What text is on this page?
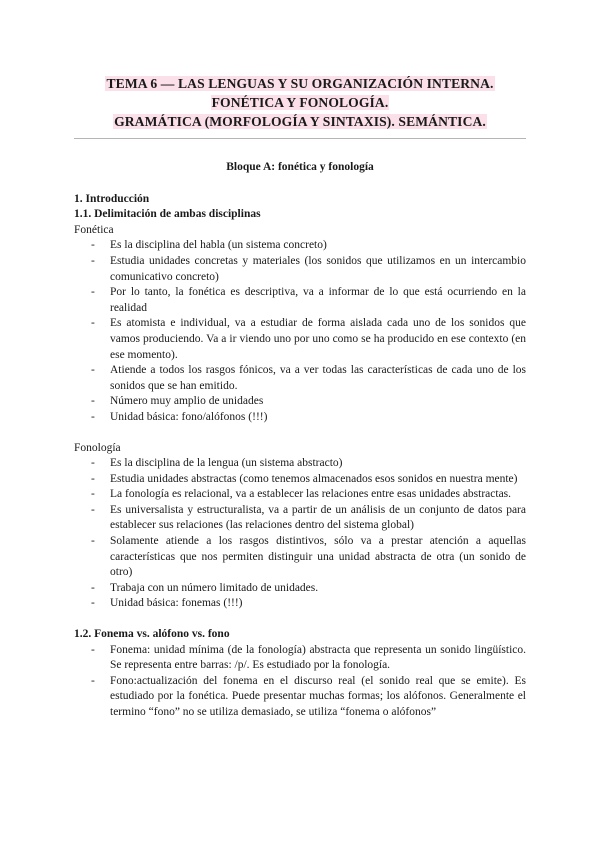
TEMA 6 — LAS LENGUAS Y SU ORGANIZACIÓN INTERNA.
FONÉTICA Y FONOLOGÍA.
GRAMÁTICA (MORFOLOGÍA Y SINTAXIS). SEMÁNTICA.

Bloque A: fonética y fonología

1. Introducción

1.1. Delimitación de ambas disciplinas

Fonética

- Es la disciplina del habla (un sistema concreto)
- Estudia unidades concretas y materiales (los sonidos que utilizamos en un intercambio comunicativo concreto)
- Por lo tanto, la fonética es descriptiva, va a informar de lo que está ocurriendo en la realidad
- Es atomista e individual, va a estudiar de forma aislada cada uno de los sonidos que vamos produciendo. Va a ir viendo uno por uno como se ha producido en ese contexto (en ese momento).
- Atiende a todos los rasgos fónicos, va a ver todas las características de cada uno de los sonidos que se han emitido.
- Número muy amplio de unidades
- Unidad básica: fono/alófonos (!!!)

Fonología

- Es la disciplina de la lengua (un sistema abstracto)
- Estudia unidades abstractas (como tenemos almacenados esos sonidos en nuestra mente)
- La fonología es relacional, va a establecer las relaciones entre esas unidades abstractas.
- Es universalista y estructuralista, va a partir de un análisis de un conjunto de datos para establecer sus relaciones (las relaciones dentro del sistema global)
- Solamente atiende a los rasgos distintivos, sólo va a prestar atención a aquellas características que nos permiten distinguir una unidad abstracta de otra (un sonido de otro)
- Trabaja con un número limitado de unidades.
- Unidad básica: fonemas (!!!)

1.2. Fonema vs. alófono vs. fono

- Fonema: unidad mínima (de la fonología) abstracta que representa un sonido lingüístico. Se representa entre barras: /p/. Es estudiado por la fonología.
- Fono:actualización del fonema en el discurso real (el sonido real que se emite). Es estudiado por la fonética. Puede presentar muchas formas; los alófonos. Generalmente el termino “fono” no se utiliza demasiado, se utiliza “fonema o alófonos”
